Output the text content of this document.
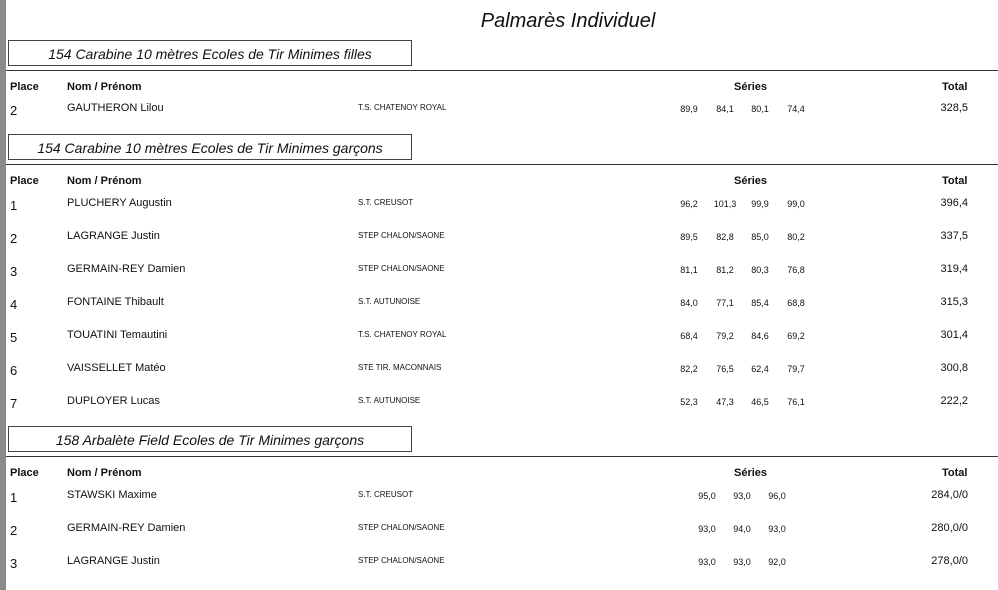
Palmarès Individuel
154 Carabine 10 mètres Ecoles de Tir Minimes filles
Place	Nom / Prénom	Séries	Total
2	GAUTHERON Lilou	T.S. CHATENOY ROYAL	89,9	84,1	80,1	74,4	328,5
154 Carabine 10 mètres Ecoles de Tir Minimes garçons
Place	Nom / Prénom	Séries	Total
1	PLUCHERY Augustin	S.T. CREUSOT	96,2	101,3	99,9	99,0	396,4
2	LAGRANGE Justin	STEP CHALON/SAONE	89,5	82,8	85,0	80,2	337,5
3	GERMAIN-REY Damien	STEP CHALON/SAONE	81,1	81,2	80,3	76,8	319,4
4	FONTAINE Thibault	S.T. AUTUNOISE	84,0	77,1	85,4	68,8	315,3
5	TOUATINI Temautini	T.S. CHATENOY ROYAL	68,4	79,2	84,6	69,2	301,4
6	VAISSELLET Matéo	STE TIR. MACONNAIS	82,2	76,5	62,4	79,7	300,8
7	DUPLOYER Lucas	S.T. AUTUNOISE	52,3	47,3	46,5	76,1	222,2
158 Arbalète Field Ecoles de Tir Minimes garçons
Place	Nom / Prénom	Séries	Total
1	STAWSKI Maxime	S.T. CREUSOT	95,0	93,0	96,0	284,0/0
2	GERMAIN-REY Damien	STEP CHALON/SAONE	93,0	94,0	93,0	280,0/0
3	LAGRANGE Justin	STEP CHALON/SAONE	93,0	93,0	92,0	278,0/0
